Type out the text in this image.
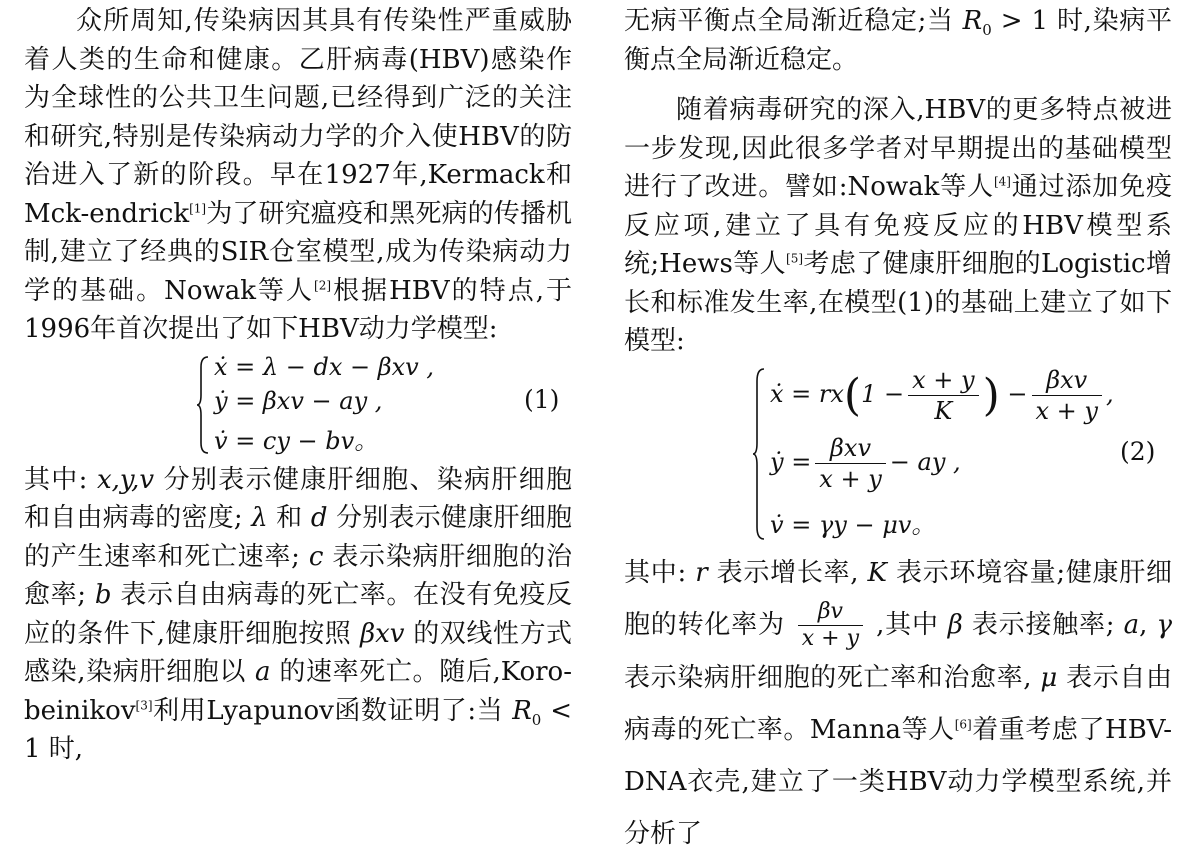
众所周知,传染病因其具有传染性严重威胁着人类的生命和健康。乙肝病毒(HBV)感染作为全球性的公共卫生问题,已经得到广泛的关注和研究,特别是传染病动力学的介入使HBV的防治进入了新的阶段。早在1927年,Kermack和Mck-endrick[1]为了研究瘟疫和黑死病的传播机制,建立了经典的SIR仓室模型,成为传染病动力学的基础。Nowak等人[2]根据HBV的特点,于1996年首次提出了如下HBV动力学模型:

ẋ = λ − dx − βxv ,
ẏ = βxv − ay ,
v̇ = cy − bv。
(1)

其中: x,y,v 分别表示健康肝细胞、染病肝细胞和自由病毒的密度; λ 和 d 分别表示健康肝细胞的产生速率和死亡速率; c 表示染病肝细胞的治愈率; b 表示自由病毒的死亡率。在没有免疫反应的条件下,健康肝细胞按照 βxv 的双线性方式感染,染病肝细胞以 a 的速率死亡。随后,Koro-beinikov[3]利用Lyapunov函数证明了:当 $R_0 < 1$ 时,

无病平衡点全局渐近稳定;当 $R_0 > 1$ 时,染病平衡点全局渐近稳定。

随着病毒研究的深入,HBV的更多特点被进一步发现,因此很多学者对早期提出的基础模型进行了改进。譬如:Nowak等人[4]通过添加免疫反应项,建立了具有免疫反应的HBV模型系统;Hews等人[5]考虑了健康肝细胞的Logistic增长和标准发生率,在模型(1)的基础上建立了如下模型:

ẋ = $rx(1 - \frac{x + y}{K}$ ) − $\frac{\text{βxv}}{x + y}$ ,
ẏ = $\frac{\text{βxv}}{x + y}$ − ay ,
v̇ = γy − μv。
(2)

其中: r 表示增长率, K 表示环境容量;健康肝细胞的转化率为 $\frac{\beta v}{x + y}$ ,其中 β 表示接触率; a, γ 表示染病肝细胞的死亡率和治愈率, μ 表示自由病毒的死亡率。Manna等人[6]着重考虑了HBV-DNA衣壳,建立了一类HBV动力学模型系统,并分析了
